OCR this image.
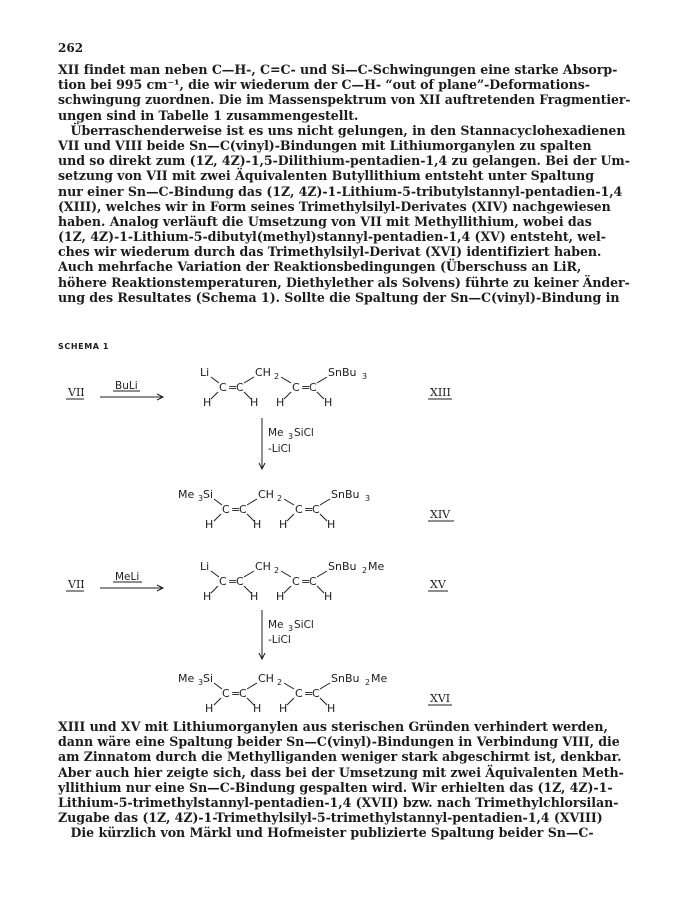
262
XII findet man neben C—H-, C=C- und Si—C-Schwingungen eine starke Absorp-
tion bei 995 cm⁻¹, die wir wiederum der C—H- “out of plane”-Deformations-
schwingung zuordnen. Die im Massenspektrum von XII auftretenden Fragmentier-
ungen sind in Tabelle 1 zusammengestellt.
 Überraschenderweise ist es uns nicht gelungen, in den Stannacyclohexadienen
VII und VIII beide Sn—C(vinyl)-Bindungen mit Lithiumorganylen zu spalten
und so direkt zum (1Z, 4Z)-1,5-Dilithium-pentadien-1,4 zu gelangen. Bei der Um-
setzung von VII mit zwei Äquivalenten Butyllithium entsteht unter Spaltung
nur einer Sn—C-Bindung das (1Z, 4Z)-1-Lithium-5-tributylstannyl-pentadien-1,4
(XIII), welches wir in Form seines Trimethylsilyl-Derivates (XIV) nachgewiesen
haben. Analog verläuft die Umsetzung von VII mit Methyllithium, wobei das
(1Z, 4Z)-1-Lithium-5-dibutyl(methyl)stannyl-pentadien-1,4 (XV) entsteht, wel-
ches wir wiederum durch das Trimethylsilyl-Derivat (XVI) identifiziert haben.
Auch mehrfache Variation der Reaktionsbedingungen (Überschuss an LiR,
höhere Reaktionstemperaturen, Diethylether als Solvens) führte zu keiner Änder-
ung des Resultates (Schema 1). Sollte die Spaltung der Sn—C(vinyl)-Bindung in
SCHEMA 1
VII	BuLi
Li
C =
C
H	H
CH 2
C =
C
H	H
SnBu 3
XIII
Me 3 SiCl
-LiCl
Me 3 Si
C =
C
H	H
CH 2
C =
C
H	H
SnBu 3
XIV
VII
MeLi
Li
C =
C
H	H
CH 2
C =
C
H	H
SnBu 2 Me
XV
Me 3 SiCl
-LiCl
Me 3 Si
C =
C
H	H
CH 2
C =
C
H	H
SnBu 2 Me
XVI
XIII und XV mit Lithiumorganylen aus sterischen Gründen verhindert werden,
dann wäre eine Spaltung beider Sn—C(vinyl)-Bindungen in Verbindung VIII, die
am Zinnatom durch die Methylliganden weniger stark abgeschirmt ist, denkbar.
Aber auch hier zeigte sich, dass bei der Umsetzung mit zwei Äquivalenten Meth-
yllithium nur eine Sn—C-Bindung gespalten wird. Wir erhielten das (1Z, 4Z)-1-
Lithium-5-trimethylstannyl-pentadien-1,4 (XVII) bzw. nach Trimethylchlorsilan-
Zugabe das (1Z, 4Z)-1-Trimethylsilyl-5-trimethylstannyl-pentadien-1,4 (XVIII)
 Die kürzlich von Märkl und Hofmeister publizierte Spaltung beider Sn—C-
